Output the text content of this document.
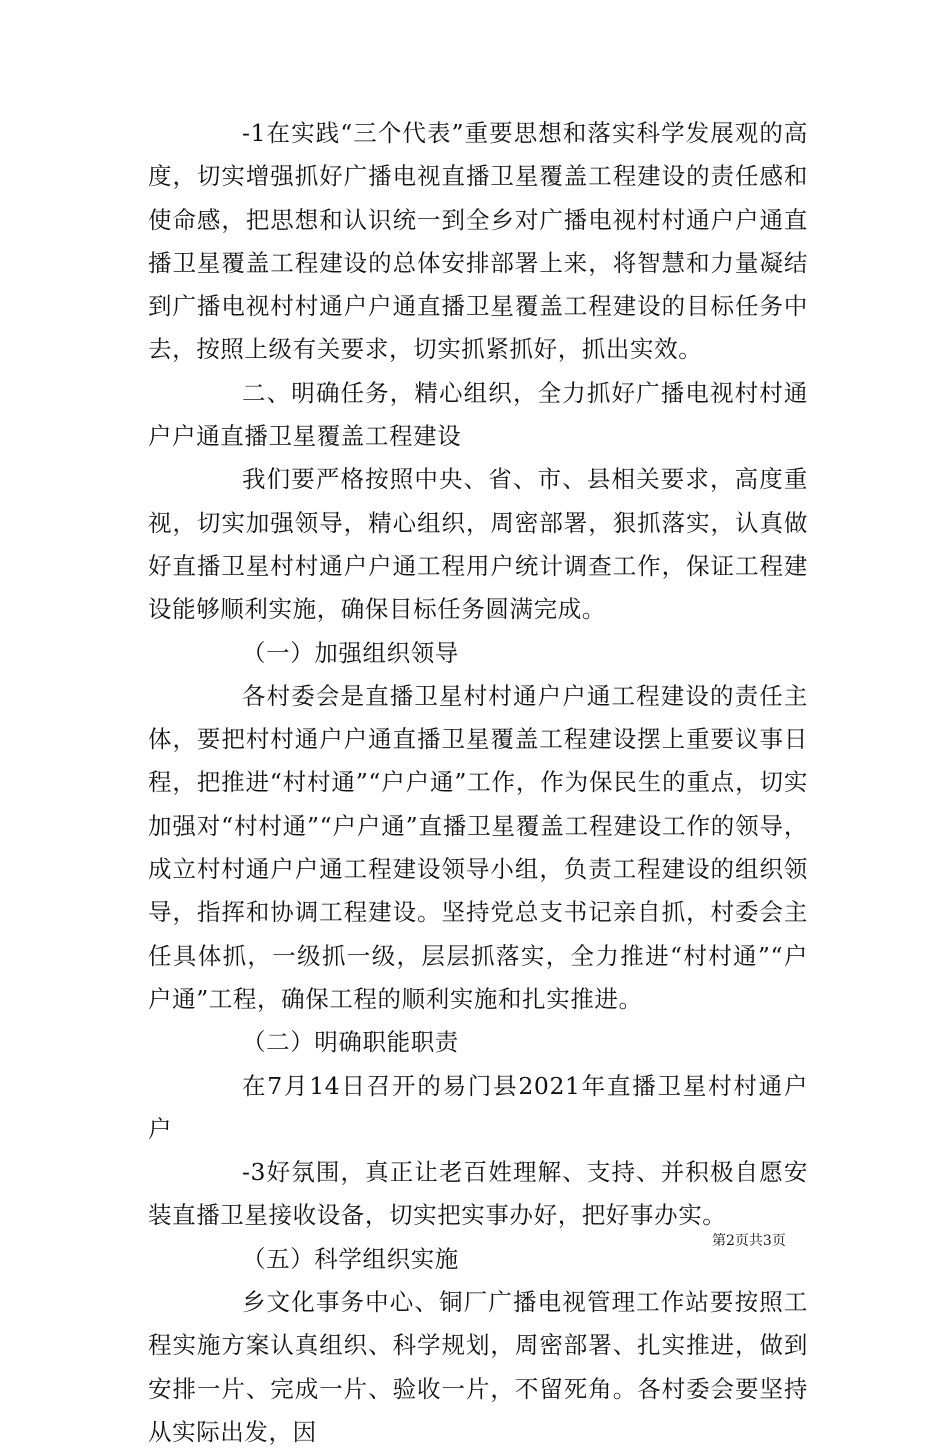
-1在实践“三个代表”重要思想和落实科学发展观的高度，切实增强抓好广播电视直播卫星覆盖工程建设的责任感和使命感，把思想和认识统一到全乡对广播电视村村通户户通直播卫星覆盖工程建设的总体安排部署上来，将智慧和力量凝结到广播电视村村通户户通直播卫星覆盖工程建设的目标任务中去，按照上级有关要求，切实抓紧抓好，抓出实效。

二、明确任务，精心组织，全力抓好广播电视村村通户户通直播卫星覆盖工程建设

我们要严格按照中央、省、市、县相关要求，高度重视，切实加强领导，精心组织，周密部署，狠抓落实，认真做好直播卫星村村通户户通工程用户统计调查工作，保证工程建设能够顺利实施，确保目标任务圆满完成。

（一）加强组织领导

各村委会是直播卫星村村通户户通工程建设的责任主体，要把村村通户户通直播卫星覆盖工程建设摆上重要议事日程，把推进“村村通”“户户通”工作，作为保民生的重点，切实加强对“村村通”“户户通”直播卫星覆盖工程建设工作的领导，成立村村通户户通工程建设领导小组，负责工程建设的组织领导，指挥和协调工程建设。坚持党总支书记亲自抓，村委会主任具体抓，一级抓一级，层层抓落实，全力推进“村村通”“户户通”工程，确保工程的顺利实施和扎实推进。

（二）明确职能职责

在7月14日召开的易门县2021年直播卫星村村通户户

-3好氛围，真正让老百姓理解、支持、并积极自愿安装直播卫星接收设备，切实把实事办好，把好事办实。

（五）科学组织实施

乡文化事务中心、铜厂广播电视管理工作站要按照工程实施方案认真组织、科学规划，周密部署、扎实推进，做到安排一片、完成一片、验收一片，不留死角。各村委会要坚持从实际出发，因

第2页共3页
